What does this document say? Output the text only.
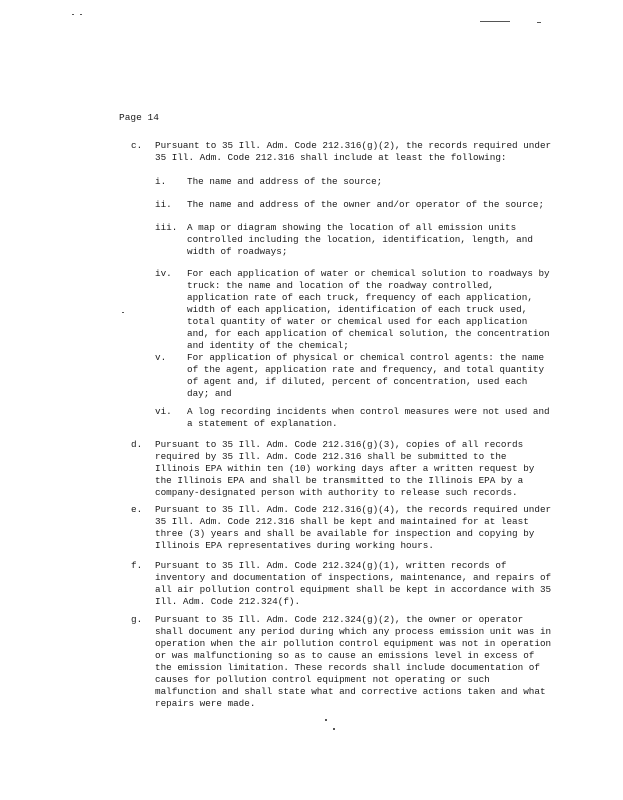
Page 14
c. Pursuant to 35 Ill. Adm. Code 212.316(g)(2), the records required under
35 Ill. Adm. Code 212.316 shall include at least the following:
i. The name and address of the source;
ii. The name and address of the owner and/or operator of the source;
iii. A map or diagram showing the location of all emission units
controlled including the location, identification, length, and
width of roadways;
iv. For each application of water or chemical solution to roadways by
truck: the name and location of the roadway controlled,
application rate of each truck, frequency of each application,
width of each application, identification of each truck used,
total quantity of water or chemical used for each application
and, for each application of chemical solution, the concentration
and identity of the chemical;
v. For application of physical or chemical control agents: the name
of the agent, application rate and frequency, and total quantity
of agent and, if diluted, percent of concentration, used each
day; and
vi. A log recording incidents when control measures were not used and
a statement of explanation.
d. Pursuant to 35 Ill. Adm. Code 212.316(g)(3), copies of all records
required by 35 Ill. Adm. Code 212.316 shall be submitted to the
Illinois EPA within ten (10) working days after a written request by
the Illinois EPA and shall be transmitted to the Illinois EPA by a
company-designated person with authority to release such records.
e. Pursuant to 35 Ill. Adm. Code 212.316(g)(4), the records required under
35 Ill. Adm. Code 212.316 shall be kept and maintained for at least
three (3) years and shall be available for inspection and copying by
Illinois EPA representatives during working hours.
f. Pursuant to 35 Ill. Adm. Code 212.324(g)(1), written records of
inventory and documentation of inspections, maintenance, and repairs of
all air pollution control equipment shall be kept in accordance with 35
Ill. Adm. Code 212.324(f).
g. Pursuant to 35 Ill. Adm. Code 212.324(g)(2), the owner or operator
shall document any period during which any process emission unit was in
operation when the air pollution control equipment was not in operation
or was malfunctioning so as to cause an emissions level in excess of
the emission limitation. These records shall include documentation of
causes for pollution control equipment not operating or such
malfunction and shall state what and corrective actions taken and what
repairs were made.
